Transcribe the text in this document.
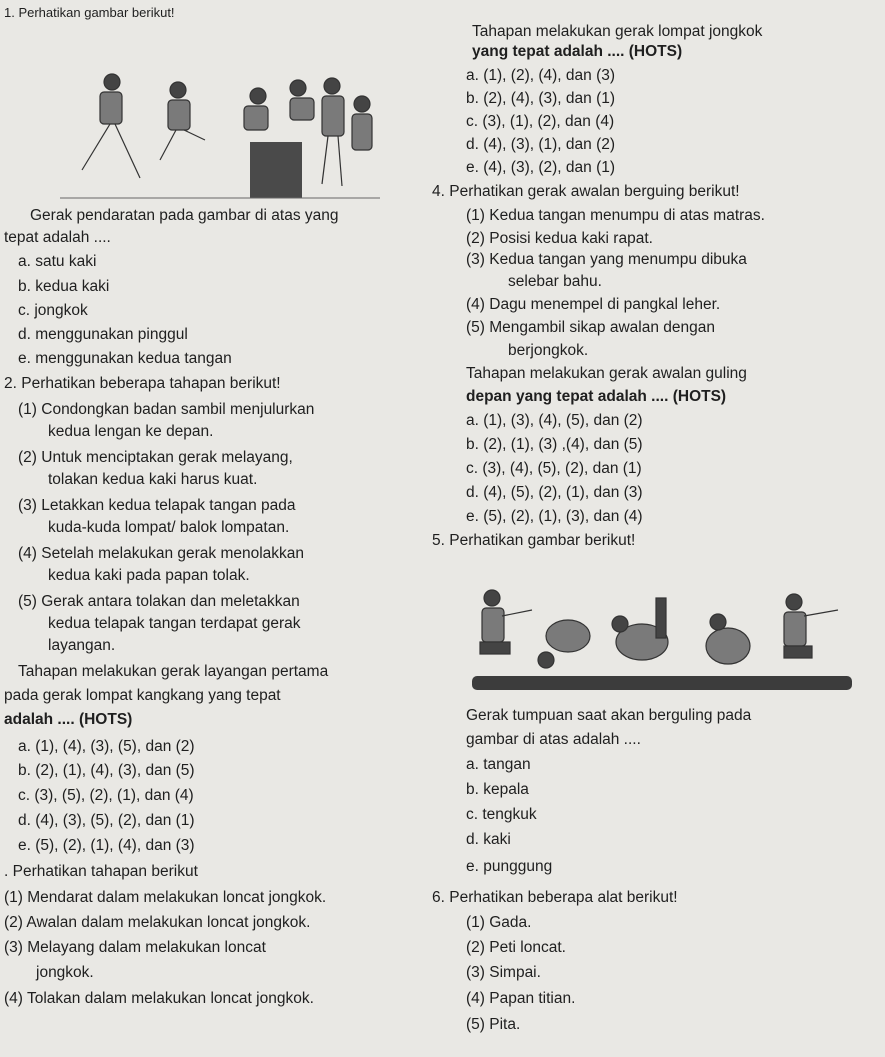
1. Perhatikan gambar berikut!
Gerak pendaratan pada gambar di atas yang
tepat adalah ....
a. satu kaki
b. kedua kaki
c. jongkok
d. menggunakan pinggul
e. menggunakan kedua tangan
2. Perhatikan beberapa tahapan berikut!
(1) Condongkan badan sambil menjulurkan
kedua lengan ke depan.
(2) Untuk menciptakan gerak melayang,
tolakan kedua kaki harus kuat.
(3) Letakkan kedua telapak tangan pada
kuda-kuda lompat/ balok lompatan.
(4) Setelah melakukan gerak menolakkan
kedua kaki pada papan tolak.
(5) Gerak antara tolakan dan meletakkan
kedua telapak tangan terdapat gerak
layangan.
Tahapan melakukan gerak layangan pertama
pada gerak lompat kangkang yang tepat
adalah .... (HOTS)
a. (1), (4), (3), (5), dan (2)
b. (2), (1), (4), (3), dan (5)
c. (3), (5), (2), (1), dan (4)
d. (4), (3), (5), (2), dan (1)
e. (5), (2), (1), (4), dan (3)
. Perhatikan tahapan berikut
(1) Mendarat dalam melakukan loncat jongkok.
(2) Awalan dalam melakukan loncat jongkok.
(3) Melayang dalam melakukan loncat
jongkok.
(4) Tolakan dalam melakukan loncat jongkok.
Tahapan melakukan gerak lompat jongkok
yang tepat adalah .... (HOTS)
a. (1), (2), (4), dan (3)
b. (2), (4), (3), dan (1)
c. (3), (1), (2), dan (4)
d. (4), (3), (1), dan (2)
e. (4), (3), (2), dan (1)
4. Perhatikan gerak awalan berguing berikut!
(1) Kedua tangan menumpu di atas matras.
(2) Posisi kedua kaki rapat.
(3) Kedua tangan yang menumpu dibuka
selebar bahu.
(4) Dagu menempel di pangkal leher.
(5) Mengambil sikap awalan dengan
berjongkok.
Tahapan melakukan gerak awalan guling
depan yang tepat adalah .... (HOTS)
a. (1), (3), (4), (5), dan (2)
b. (2), (1), (3) ,(4), dan (5)
c. (3), (4), (5), (2), dan (1)
d. (4), (5), (2), (1), dan (3)
e. (5), (2), (1), (3), dan (4)
5. Perhatikan gambar berikut!
Gerak tumpuan saat akan berguling pada
gambar di atas adalah ....
a. tangan
b. kepala
c. tengkuk
d. kaki
e. punggung
6. Perhatikan beberapa alat berikut!
(1) Gada.
(2) Peti loncat.
(3) Simpai.
(4) Papan titian.
(5) Pita.
